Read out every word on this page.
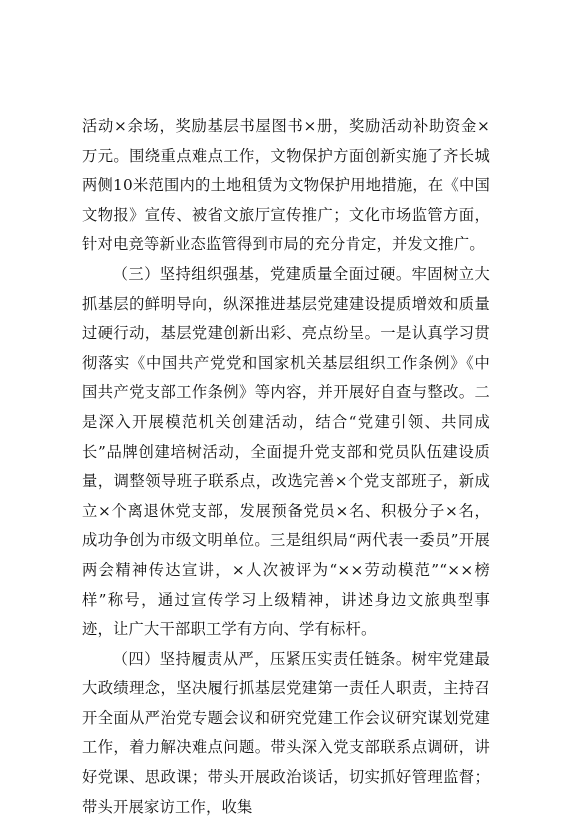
活动×余场，奖励基层书屋图书×册，奖励活动补助资金×万元。围绕重点难点工作，文物保护方面创新实施了齐长城两侧10米范围内的土地租赁为文物保护用地措施，在《中国文物报》宣传、被省文旅厅宣传推广；文化市场监管方面，针对电竞等新业态监管得到市局的充分肯定，并发文推广。

（三）坚持组织强基，党建质量全面过硬。牢固树立大抓基层的鲜明导向，纵深推进基层党建建设提质增效和质量过硬行动，基层党建创新出彩、亮点纷呈。一是认真学习贯彻落实《中国共产党党和国家机关基层组织工作条例》《中国共产党支部工作条例》等内容，并开展好自查与整改。二是深入开展模范机关创建活动，结合“党建引领、共同成长”品牌创建培树活动，全面提升党支部和党员队伍建设质量，调整领导班子联系点，改选完善×个党支部班子，新成立×个离退休党支部，发展预备党员×名、积极分子×名，成功争创为市级文明单位。三是组织局“两代表一委员”开展两会精神传达宣讲，×人次被评为“××劳动模范”“××榜样”称号，通过宣传学习上级精神，讲述身边文旅典型事迹，让广大干部职工学有方向、学有标杆。

（四）坚持履责从严，压紧压实责任链条。树牢党建最大政绩理念，坚决履行抓基层党建第一责任人职责，主持召开全面从严治党专题会议和研究党建工作会议研究谋划党建工作，着力解决难点问题。带头深入党支部联系点调研，讲好党课、思政课；带头开展政治谈话，切实抓好管理监督；带头开展家访工作，收集
